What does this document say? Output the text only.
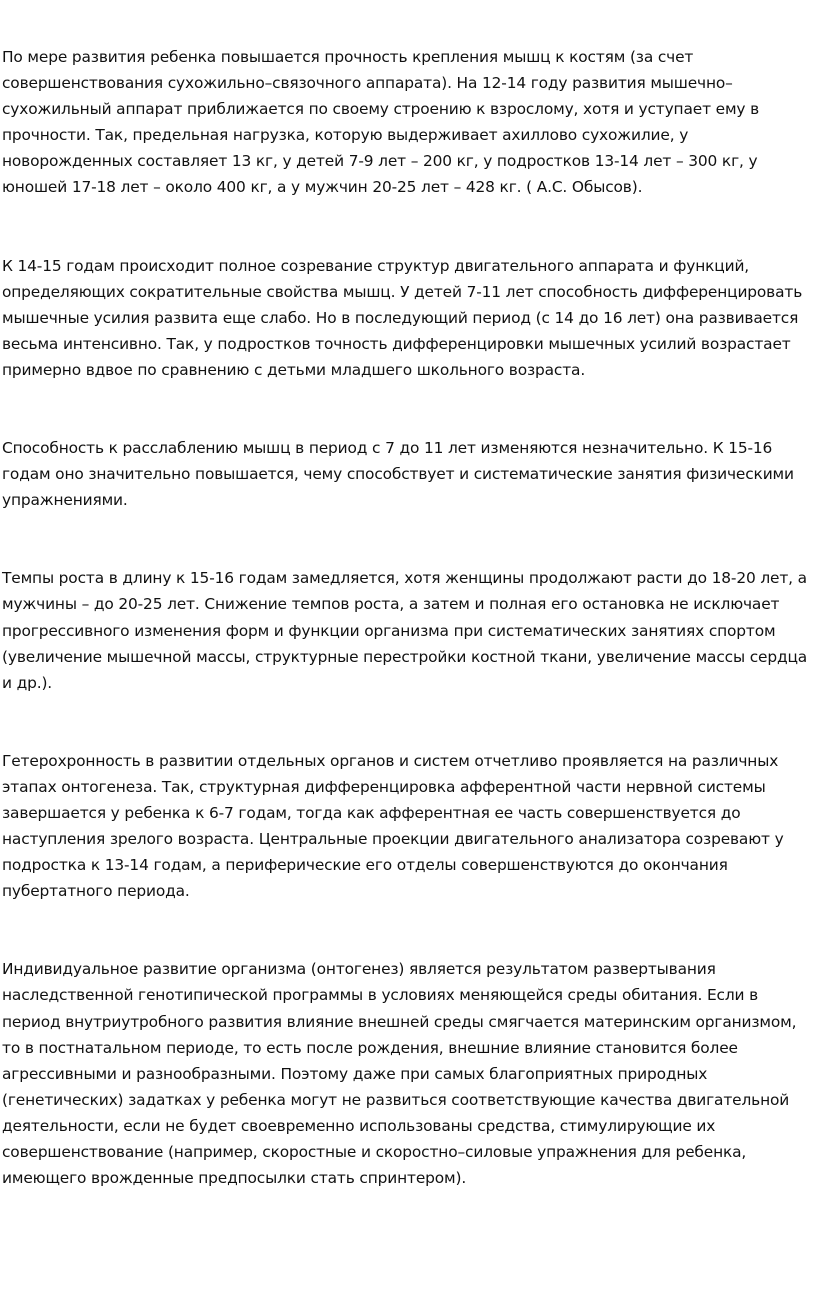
По мере развития ребенка повышается прочность крепления мышц к костям (за счет совершенствования сухожильно–связочного аппарата). На 12-14 году развития мышечно–сухожильный аппарат приближается по своему строению к взрослому, хотя и уступает ему в прочности. Так, предельная нагрузка, которую выдерживает ахиллово сухожилие, у новорожденных составляет 13 кг, у детей 7-9 лет – 200 кг, у подростков 13-14 лет – 300 кг, у юношей 17-18 лет – около 400 кг, а у мужчин 20-25 лет – 428 кг. ( А.С. Обысов).

К 14-15 годам происходит полное созревание структур двигательного аппарата и функций, определяющих сократительные свойства мышц. У детей 7-11 лет способность дифференцировать мышечные усилия развита еще слабо. Но в последующий период (с 14 до 16 лет) она развивается весьма интенсивно. Так, у подростков точность дифференцировки мышечных усилий возрастает примерно вдвое по сравнению с детьми младшего школьного возраста.

Способность к расслаблению мышц в период с 7 до 11 лет изменяются незначительно. К 15-16 годам оно значительно повышается, чему способствует и систематические занятия физическими упражнениями.

Темпы роста в длину к 15-16 годам замедляется, хотя женщины продолжают расти до 18-20 лет, а мужчины – до 20-25 лет. Снижение темпов роста, а затем и полная его остановка не исключает прогрессивного изменения форм и функции организма при систематических занятиях спортом (увеличение мышечной массы, структурные перестройки костной ткани, увеличение массы сердца и др.).

Гетерохронность в развитии отдельных органов и систем отчетливо проявляется на различных этапах онтогенеза. Так, структурная дифференцировка афферентной части нервной системы завершается у ребенка к 6-7 годам, тогда как афферентная ее часть совершенствуется до наступления зрелого возраста. Центральные проекции двигательного анализатора созревают у подростка к 13-14 годам, а периферические его отделы совершенствуются до окончания пубертатного периода.

Индивидуальное развитие организма (онтогенез) является результатом развертывания наследственной генотипической программы в условиях меняющейся среды обитания. Если в период внутриутробного развития влияние внешней среды смягчается материнским организмом, то в постнатальном периоде, то есть после рождения, внешние влияние становится более агрессивными и разнообразными. Поэтому даже при самых благоприятных природных (генетических) задатках у ребенка могут не развиться соответствующие качества двигательной деятельности, если не будет своевременно использованы средства, стимулирующие их совершенствование (например, скоростные и скоростно–силовые упражнения для ребенка, имеющего врожденные предпосылки стать спринтером).
